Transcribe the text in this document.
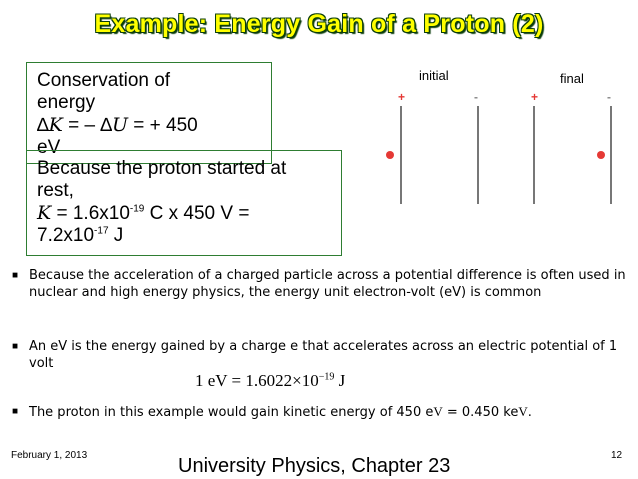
Example: Energy Gain of a Proton (2)
Conservation of
energy
∆K = – ∆U = + 450
eV
Because the proton started at
rest,
$K = 1.6x10^{-19}$ C x 450 V =
$7.2x10^{-17}$ J
initial	final
+	-	+	-
■ Because the acceleration of a charged particle across a potential difference is often used in nuclear and high energy physics, the energy unit electron-volt (eV) is common
■ An eV is the energy gained by a charge e that accelerates across an electric potential of 1 volt
1 eV = $1.6022\times 10^{-19}$ J
■ The proton in this example would gain kinetic energy of 450 eV = 0.450 keV.
February 1, 2013	University Physics, Chapter 23	12
